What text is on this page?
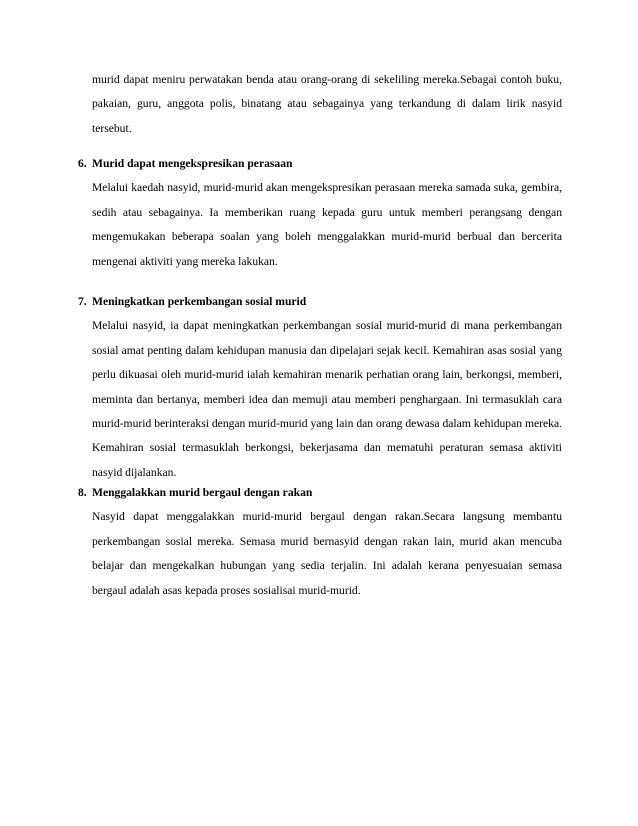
murid dapat meniru perwatakan benda atau orang-orang di sekeliling mereka.Sebagai contoh buku, pakaian, guru, anggota polis, binatang atau sebagainya yang terkandung di dalam lirik nasyid tersebut.
6. Murid dapat mengekspresikan perasaan
Melalui kaedah nasyid, murid-murid akan mengekspresikan perasaan mereka samada suka, gembira, sedih atau sebagainya. Ia memberikan ruang kepada guru untuk memberi perangsang dengan mengemukakan beberapa soalan yang boleh menggalakkan murid-murid berbual dan bercerita mengenai aktiviti yang mereka lakukan.
7. Meningkatkan perkembangan sosial murid
Melalui nasyid, ia dapat meningkatkan perkembangan sosial murid-murid di mana perkembangan sosial amat penting dalam kehidupan manusia dan dipelajari sejak kecil. Kemahiran asas sosial yang perlu dikuasai oleh murid-murid ialah kemahiran menarik perhatian orang lain, berkongsi, memberi, meminta dan bertanya, memberi idea dan memuji atau memberi penghargaan. Ini termasuklah cara murid-murid berinteraksi dengan murid-murid yang lain dan orang dewasa dalam kehidupan mereka. Kemahiran sosial termasuklah berkongsi, bekerjasama dan mematuhi peraturan semasa aktiviti nasyid dijalankan.
8. Menggalakkan murid bergaul dengan rakan
Nasyid dapat menggalakkan murid-murid bergaul dengan rakan.Secara langsung membantu perkembangan sosial mereka. Semasa murid bernasyid dengan rakan lain, murid akan mencuba belajar dan mengekalkan hubungan yang sedia terjalin. Ini adalah kerana penyesuaian semasa bergaul adalah asas kepada proses sosialisai murid-murid.
